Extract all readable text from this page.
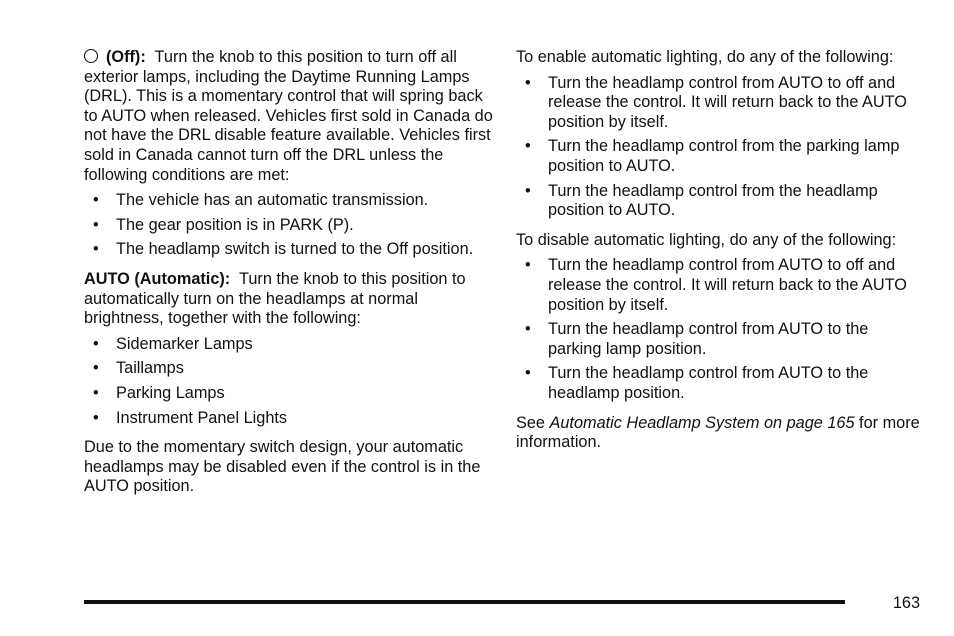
(Off): Turn the knob to this position to turn off all exterior lamps, including the Daytime Running Lamps (DRL). This is a momentary control that will spring back to AUTO when released. Vehicles first sold in Canada do not have the DRL disable feature available. Vehicles first sold in Canada cannot turn off the DRL unless the following conditions are met:

• The vehicle has an automatic transmission.
• The gear position is in PARK (P).
• The headlamp switch is turned to the Off position.

AUTO (Automatic): Turn the knob to this position to automatically turn on the headlamps at normal brightness, together with the following:

• Sidemarker Lamps
• Taillamps
• Parking Lamps
• Instrument Panel Lights

Due to the momentary switch design, your automatic headlamps may be disabled even if the control is in the AUTO position.

To enable automatic lighting, do any of the following:

• Turn the headlamp control from AUTO to off and release the control. It will return back to the AUTO position by itself.
• Turn the headlamp control from the parking lamp position to AUTO.
• Turn the headlamp control from the headlamp position to AUTO.

To disable automatic lighting, do any of the following:

• Turn the headlamp control from AUTO to off and release the control. It will return back to the AUTO position by itself.
• Turn the headlamp control from AUTO to the parking lamp position.
• Turn the headlamp control from AUTO to the headlamp position.

See Automatic Headlamp System on page 165 for more information.

163
